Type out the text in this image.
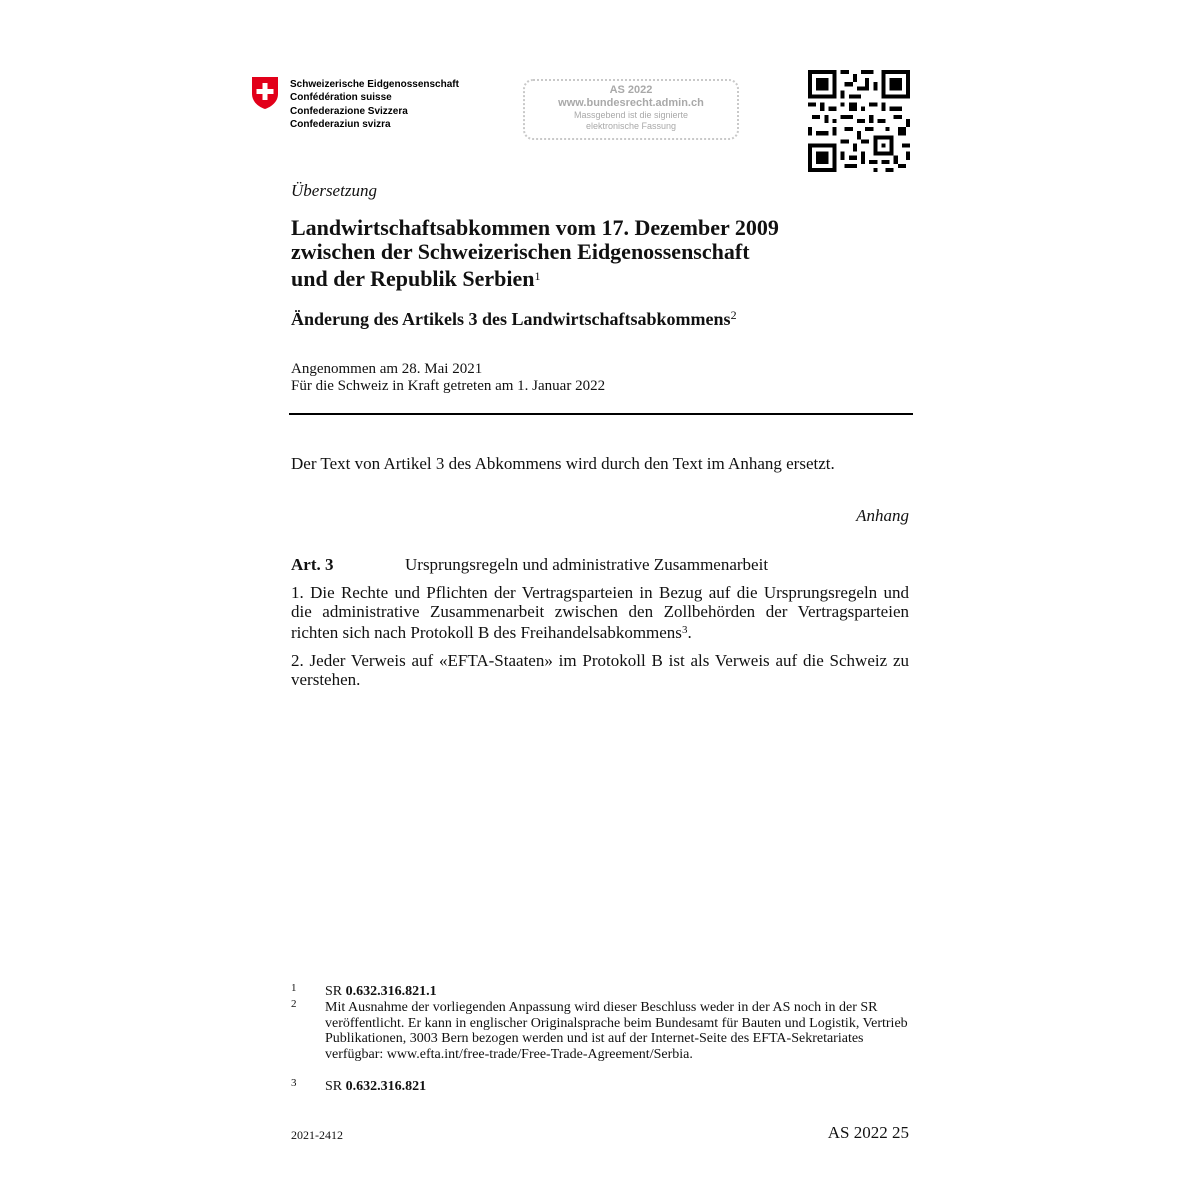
Schweizerische Eidgenossenschaft
Confédération suisse
Confederazione Svizzera
Confederaziun svizra
AS 2022
www.bundesrecht.admin.ch
Massgebend ist die signierte
elektronische Fassung
Übersetzung
Landwirtschaftsabkommen vom 17. Dezember 2009
zwischen der Schweizerischen Eidgenossenschaft
und der Republik Serbien$^1$
Änderung des Artikels 3 des Landwirtschaftsabkommens$^2$
Angenommen am 28. Mai 2021
Für die Schweiz in Kraft getreten am 1. Januar 2022
Der Text von Artikel 3 des Abkommens wird durch den Text im Anhang ersetzt.
Anhang
Art. 3	Ursprungsregeln und administrative Zusammenarbeit
1. Die Rechte und Pflichten der Vertragsparteien in Bezug auf die Ursprungsregeln und die administrative Zusammenarbeit zwischen den Zollbehörden der Vertragsparteien richten sich nach Protokoll B des Freihandelsabkommens$^3$.
2. Jeder Verweis auf «EFTA-Staaten» im Protokoll B ist als Verweis auf die Schweiz zu verstehen.
1 SR 0.632.316.821.1
2 Mit Ausnahme der vorliegenden Anpassung wird dieser Beschluss weder in der AS noch in der SR veröffentlicht. Er kann in englischer Originalsprache beim Bundesamt für Bauten und Logistik, Vertrieb Publikationen, 3003 Bern bezogen werden und ist auf der Internet-Seite des EFTA-Sekretariates verfügbar: www.efta.int/free-trade/Free-Trade-Agreement/Serbia.
3 SR 0.632.316.821
2021-2412	AS 2022 25
